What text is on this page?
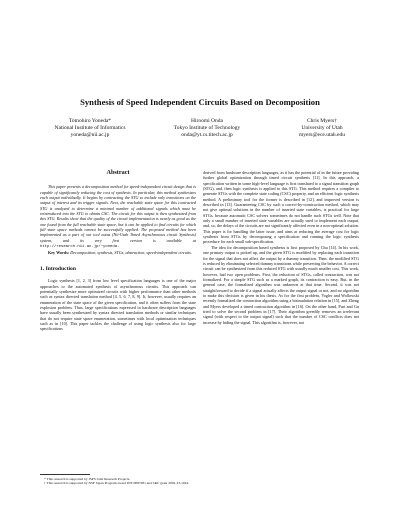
Synthesis of Speed Independent Circuits Based on Decomposition
Tomohiro Yoneda*
National Institute of Informatics
yoneda@nii.ac.jp
Hiroomi Onda
Tokyo Institute of Technology
onda@yt.cs.titech.ac.jp
Chris Myers†
University of Utah
myers@ece.utah.edu
Abstract

This paper presents a decomposition method for speed-independent circuit design that is capable of significantly reducing the cost of synthesis. In particular, this method synthesizes each output individually. It begins by contracting the STG to include only transitions on the output of interest and its trigger signals. Next, the reachable state space for this contracted STG is analyzed to determine a minimal number of additional signals which must be reintroduced into the STG to obtain CSC. The circuit for this output is then synthesized from this STG. Results show that the quality of the circuit implementation is nearly as good as the one found from the full reachable state space, but it can be applied to find circuits for which full state space methods cannot be successfully applied. The proposed method has been implemented as a part of our tool nutas (Nii-Utah Timed Asynchronous circuit Synthesis) system, and its very first version is available at http://research.nii.ac.jp/~yoneda.

Key Words: Decomposition, synthesis, STGs, abstraction, speed-independent circuits.

1. Introduction

Logic synthesis [1, 2, 3] from low level specification languages is one of the major approaches to the automated synthesis of asynchronous circuits. This approach can potentially synthesize more optimized circuits with higher performance than other methods such as syntax directed translation method [4, 5, 6, 7, 8, 9]. It, however, usually requires an enumeration of the state space of the given specification, and it often suffers from the state explosion problem. Thus, large specifications expressed in hardware description languages have usually been synthesized by syntax directed translation methods or similar techniques that do not require state space enumeration, sometimes with local optimization techniques such as in [10]. This paper tackles the challenge of using logic synthesis also for large specifications

derived from hardware description languages, as it has the potential of in the future providing further global optimization through timed circuit synthesis [11]. In this approach, a specification written in some high-level language is first translated to a signal transition graph (STG), and, then logic synthesis is applied to this STG. This method requires a compiler to generate STGs with the complete state coding (CSC) property, and an efficient logic synthesis method. A preliminary tool for the former is described in [12], and improved version is described in [13]. Guaranteeing CSC by such a correct-by-construction method, which may not give optimal solutions in the number of inserted state variables, is practical for large STGs, because automatic CSC solvers sometimes do not handle such STGs well. Note that only a small number of inserted state variables are actually used to implement each output, and, so, the delays of the circuits are not significantly affected even in a non-optimal solution. This paper is for handling the latter issue, and aims at reducing the average cost for logic synthesis from STGs by decomposing a specification and running the logic synthesis procedure for each small sub-specification.

The idea for decomposition based synthesis is first proposed by Chu [14]. In his work, one primary output is picked up, and the given STG is modified by replacing each transition for the signal that does not affect the output by a dummy transition. Then, the modified STG is reduced by eliminating selected dummy transitions while preserving the behavior. A correct circuit can be synthesized from this reduced STG with usually much smaller cost. This work, however, had two open problems. First, the reduction of STGs, called contraction, was not formalized. For a simple STG such as a marked graph, its contraction is easy. But, in the general case, the formalized algorithm was unknown at that time. Second, it was not straightforward to decide if a signal actually affects the output signal or not, and no algorithm to make this decision is given in his thesis. As for the first problem, Vogler and Wollowski recently formalized the contraction algorithm using a bisimulation relation in [15], and Zheng and Myers developed a timed contraction algorithm in [16]. On the other hand, Puri and Gu tried to solve the second problem in [17]. Their algorithm greedily removes an irrelevant signal (with respect to the output signal) such that the number of CSC conflicts does not increase by hiding the signal. This algorithm is, however, not

* This research is supported by JSPS Joint Research Projects.

† This research is supported by NSF Japan Program award INT-0087281 and SRC grant 2002-TJ-1024.
